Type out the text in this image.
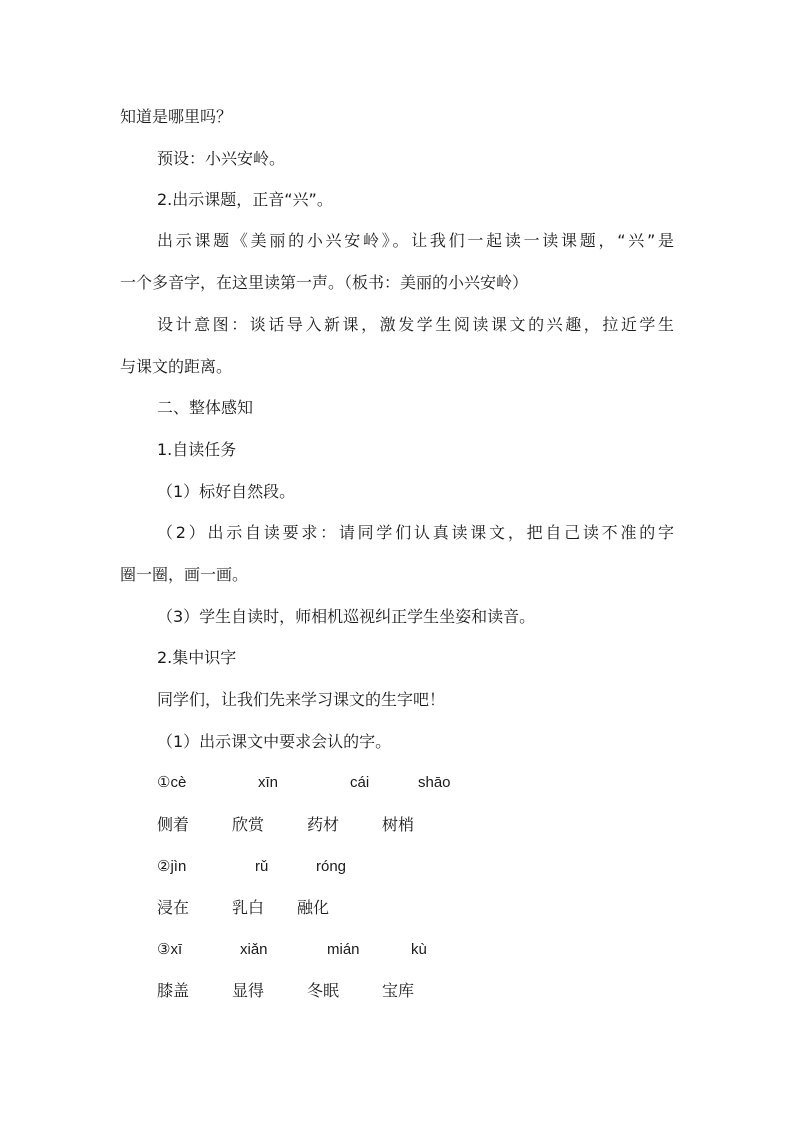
知道是哪里吗？
预设：小兴安岭。
2.出示课题，正音“兴”。
出示课题《美丽的小兴安岭》。让我们一起读一读课题，“兴”是
一个多音字，在这里读第一声。（板书：美丽的小兴安岭）
设计意图：谈话导入新课，激发学生阅读课文的兴趣，拉近学生
与课文的距离。
二、整体感知
1.自读任务
（1）标好自然段。
（2）出示自读要求：请同学们认真读课文，把自己读不准的字
圈一圈，画一画。
（3）学生自读时，师相机巡视纠正学生坐姿和读音。
2.集中识字
同学们，让我们先来学习课文的生字吧！
（1）出示课文中要求会认的字。
①cè	xīn	cái	shāo
侧着	欣赏	药材	树梢
②jìn	rǔ	róng
浸在	乳白 融化
③xī	xiǎn	mián	kù
膝盖	显得	冬眠	宝库
